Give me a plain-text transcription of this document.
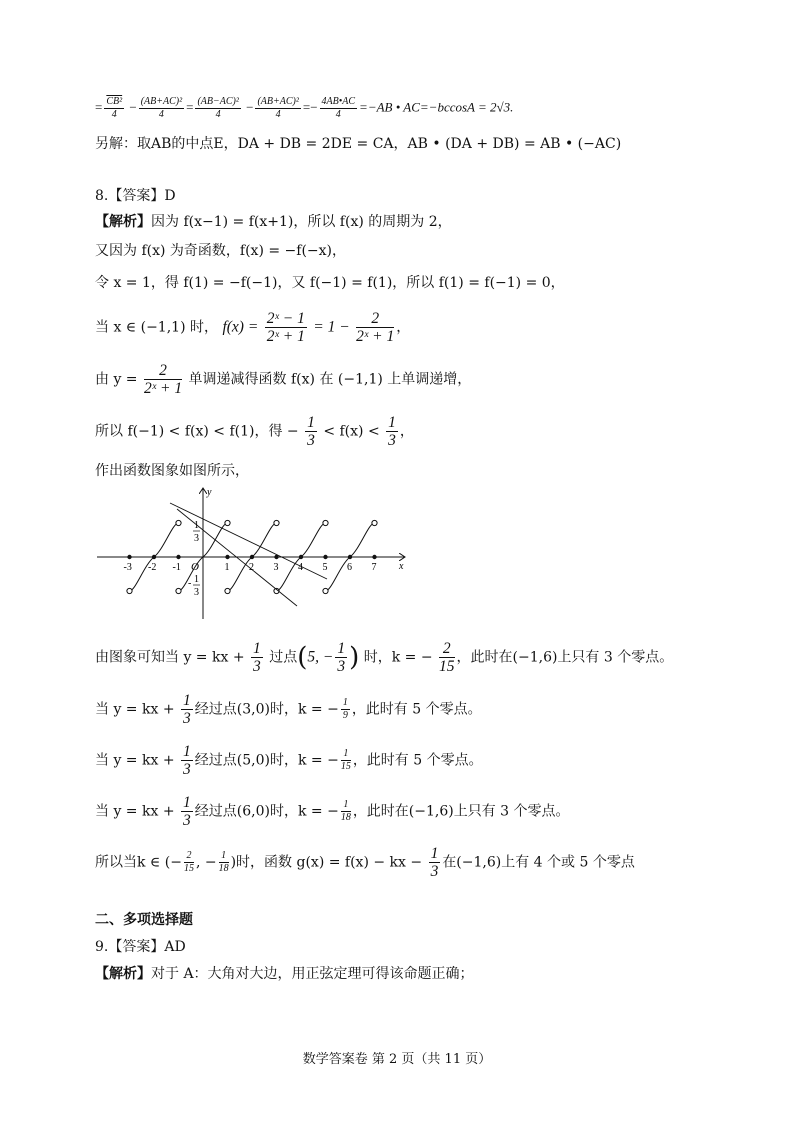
= $\frac{\text{CB²}}{4} - \frac{\text{(AB+AC)²}}{4} = \frac{\text{(AB−AC)²}}{4} - \frac{\text{(AB+AC)²}}{4} =- \frac{4AB•AC}{4} =-AB$ • AC=−bccosA = 2√3.
另解：取AB的中点E，DA + DB = 2DE = CA，AB • (DA + DB) = AB • (−AC)
8.【答案】D
【解析】因为 f(x−1) = f(x+1)，所以 f(x) 的周期为 2，
又因为 f(x) 为奇函数，f(x) = −f(−x)，
令 x = 1，得 f(1) = −f(−1)，又 f(−1) = f(1)，所以 f(1) = f(−1) = 0，
当 x ∈ (−1,1) 时， $f(x) = \frac{\text{2ˣ − 1}}{\text{2ˣ + 1}} = 1 - \frac{2}{\text{2ˣ + 1}}$ ，
由 $y = \frac{2}{\text{2ˣ + 1}}$ 单调递减得函数 f(x) 在 (−1,1) 上单调递增，
所以 f(−1) < f(x) < f(1)，得 − $\frac{1}{3} < f(x) < \frac{1}{3}$ ，
作出函数图象如图所示，
x
y
O
-3 -2 -1	1 2 3 4 5 6 7
1
3
- 1
3
由图象可知当 y = kx + $\frac{1}{3}$ 过点(5, − $\frac{1}{3}$ ) 时，k = − $\frac{2}{15}$ ，此时在(−1,6)上只有 3 个零点。
当 y = kx + $\frac{1}{3}$ 经过点(3,0)时，k = − $\frac{1}{9}$ ，此时有 5 个零点。
当 y = kx + $\frac{1}{3}$ 经过点(5,0)时，k = − $\frac{1}{15}$ ，此时有 5 个零点。
当 y = kx + $\frac{1}{3}$ 经过点(6,0)时，k = − $\frac{1}{18}$ ，此时在(−1,6)上只有 3 个零点。
所以当k ∈ (− $\frac{2}{15}$ , − $\frac{1}{18}$ )时，函数 g(x) = f(x) − kx − $\frac{1}{3}$ 在(−1,6)上有 4 个或 5 个零点
二、多项选择题
9.【答案】AD
【解析】对于 A：大角对大边，用正弦定理可得该命题正确；
数学答案卷 第 2 页（共 11 页）
